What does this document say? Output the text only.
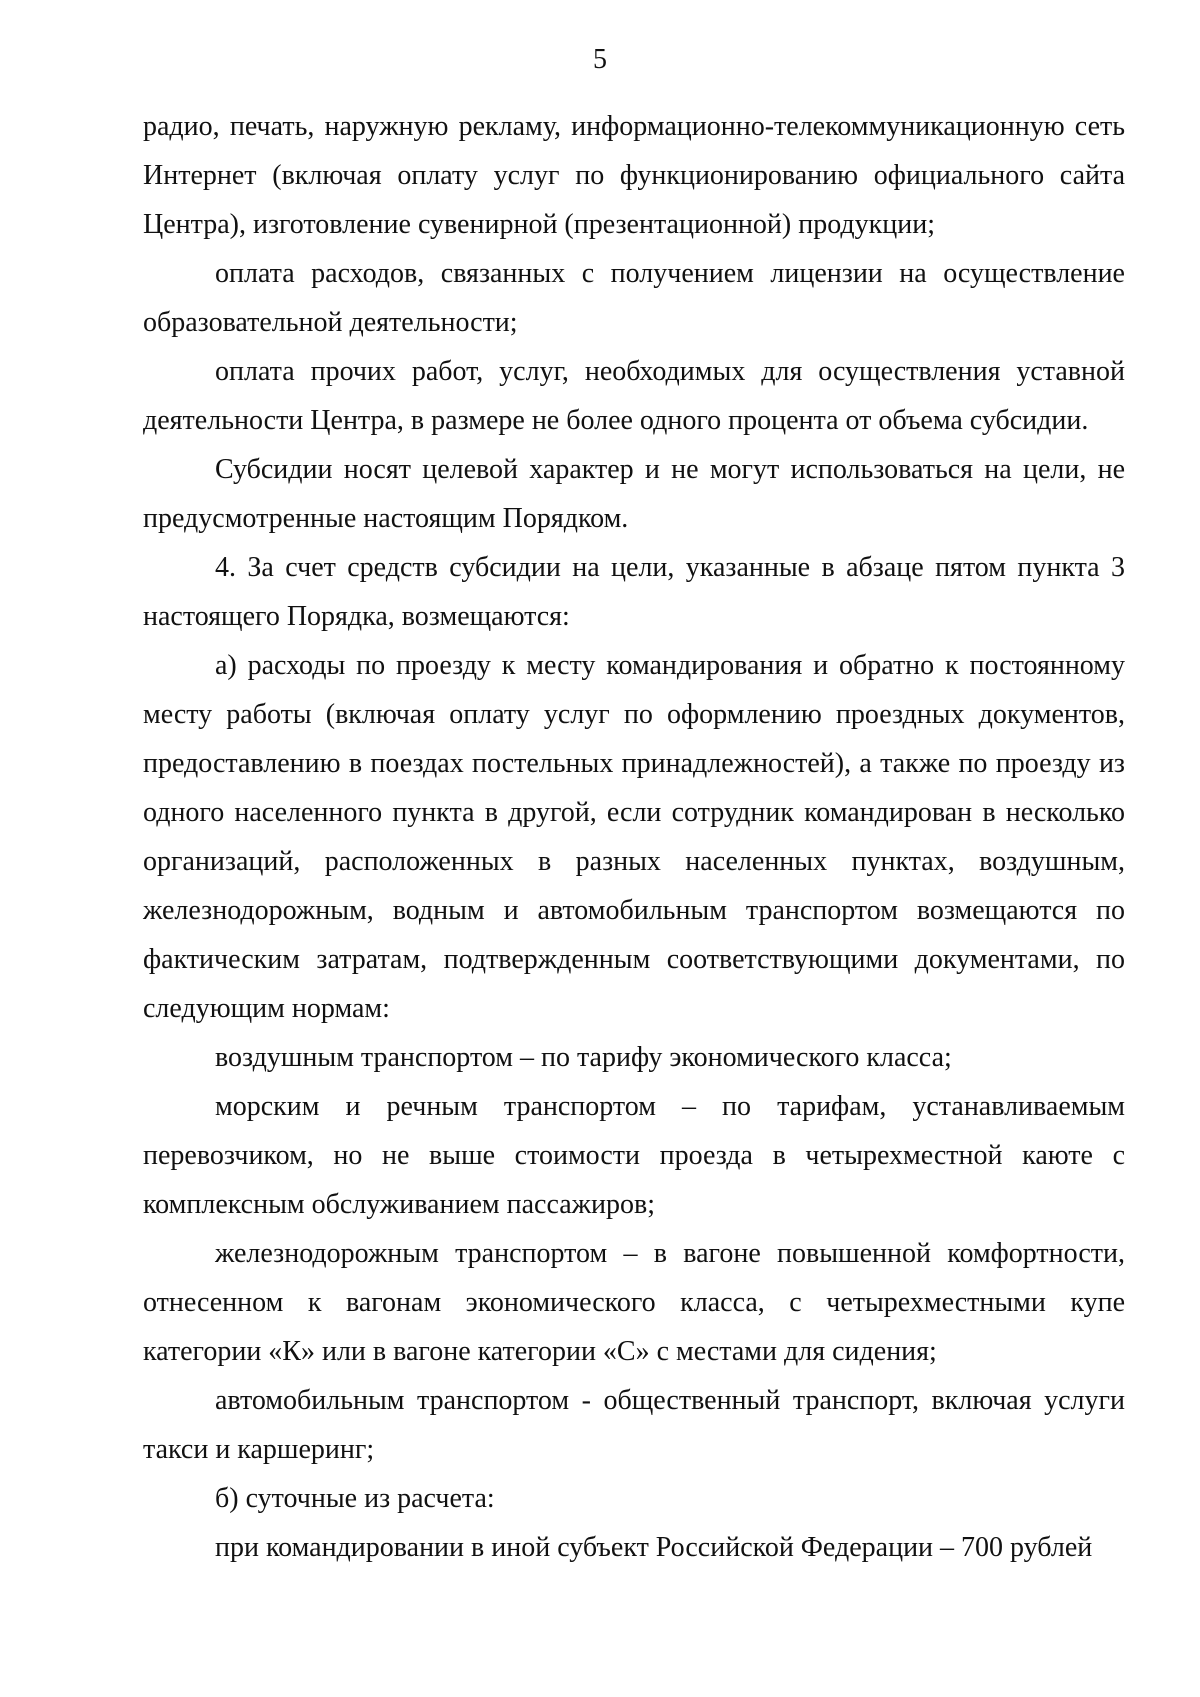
5

радио, печать, наружную рекламу, информационно-телекоммуникационную сеть Интернет (включая оплату услуг по функционированию официального сайта Центра), изготовление сувенирной (презентационной) продукции;

оплата расходов, связанных с получением лицензии на осуществление образовательной деятельности;

оплата прочих работ, услуг, необходимых для осуществления уставной деятельности Центра, в размере не более одного процента от объема субсидии.

Субсидии носят целевой характер и не могут использоваться на цели, не предусмотренные настоящим Порядком.

4. За счет средств субсидии на цели, указанные в абзаце пятом пункта 3 настоящего Порядка, возмещаются:

а) расходы по проезду к месту командирования и обратно к постоянному месту работы (включая оплату услуг по оформлению проездных документов, предоставлению в поездах постельных принадлежностей), а также по проезду из одного населенного пункта в другой, если сотрудник командирован в несколько организаций, расположенных в разных населенных пунктах, воздушным, железнодорожным, водным и автомобильным транспортом возмещаются по фактическим затратам, подтвержденным соответствующими документами, по следующим нормам:

воздушным транспортом – по тарифу экономического класса;

морским и речным транспортом – по тарифам, устанавливаемым перевозчиком, но не выше стоимости проезда в четырехместной каюте с комплексным обслуживанием пассажиров;

железнодорожным транспортом – в вагоне повышенной комфортности, отнесенном к вагонам экономического класса, с четырехместными купе категории «К» или в вагоне категории «С» с местами для сидения;

автомобильным транспортом - общественный транспорт, включая услуги такси и каршеринг;

б) суточные из расчета:

при командировании в иной субъект Российской Федерации – 700 рублей
